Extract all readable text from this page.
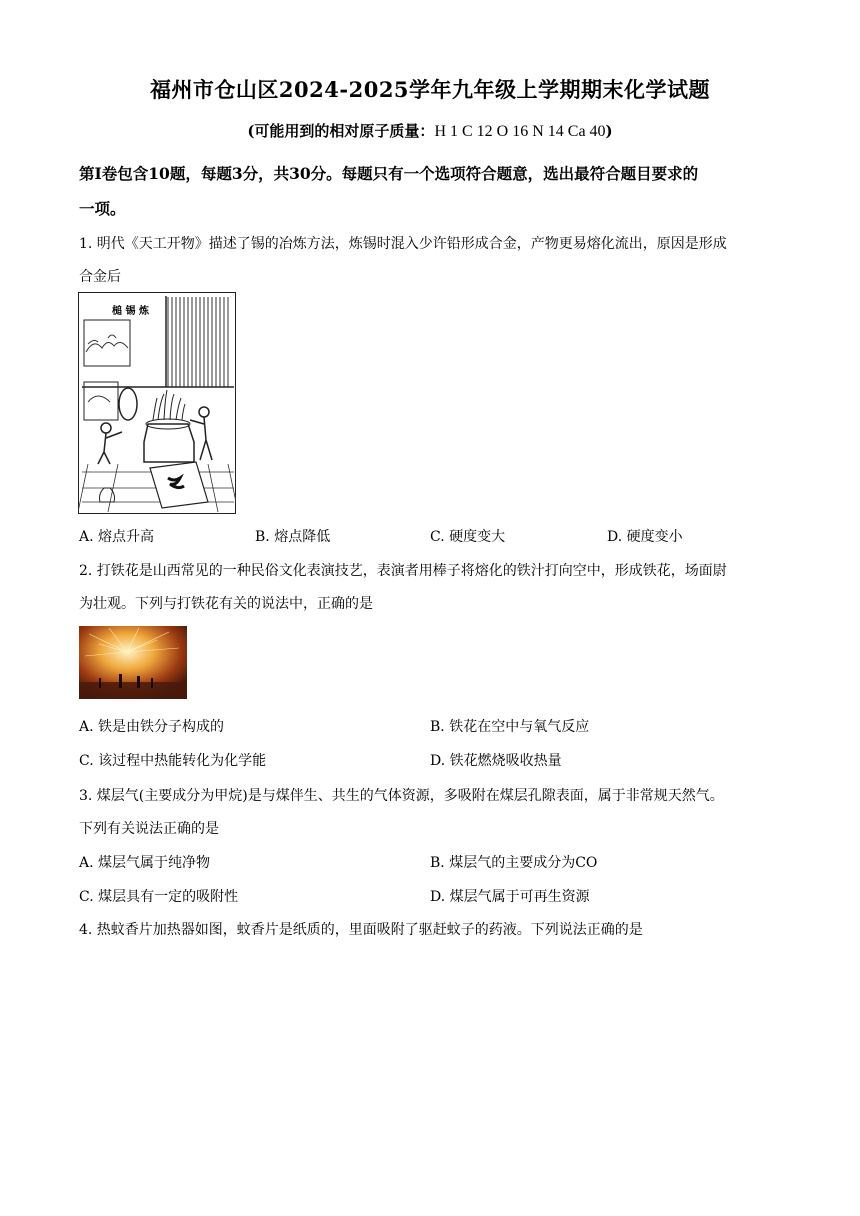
福州市仓山区2024-2025学年九年级上学期期末化学试题
(可能用到的相对原子质量：H 1 C 12 O 16 N 14 Ca 40)
第I卷包含10题，每题3分，共30分。每题只有一个选项符合题意，选出最符合题目要求的
一项。
1. 明代《天工开物》描述了锡的冶炼方法，炼锡时混入少许铅形成合金，产物更易熔化流出，原因是形成
合金后
槌 锡 炼
A. 熔点升高	B. 熔点降低	C. 硬度变大	D. 硬度变小
2. 打铁花是山西常见的一种民俗文化表演技艺，表演者用棒子将熔化的铁汁打向空中，形成铁花，场面尉
为壮观。下列与打铁花有关的说法中，正确的是
A. 铁是由铁分子构成的	B. 铁花在空中与氧气反应
C. 该过程中热能转化为化学能	D. 铁花燃烧吸收热量
3. 煤层气(主要成分为甲烷)是与煤伴生、共生的气体资源，多吸附在煤层孔隙表面，属于非常规天然气。
下列有关说法正确的是
A. 煤层气属于纯净物	B. 煤层气的主要成分为CO
C. 煤层具有一定的吸附性	D. 煤层气属于可再生资源
4. 热蚊香片加热器如图，蚊香片是纸质的，里面吸附了驱赶蚊子的药液。下列说法正确的是
